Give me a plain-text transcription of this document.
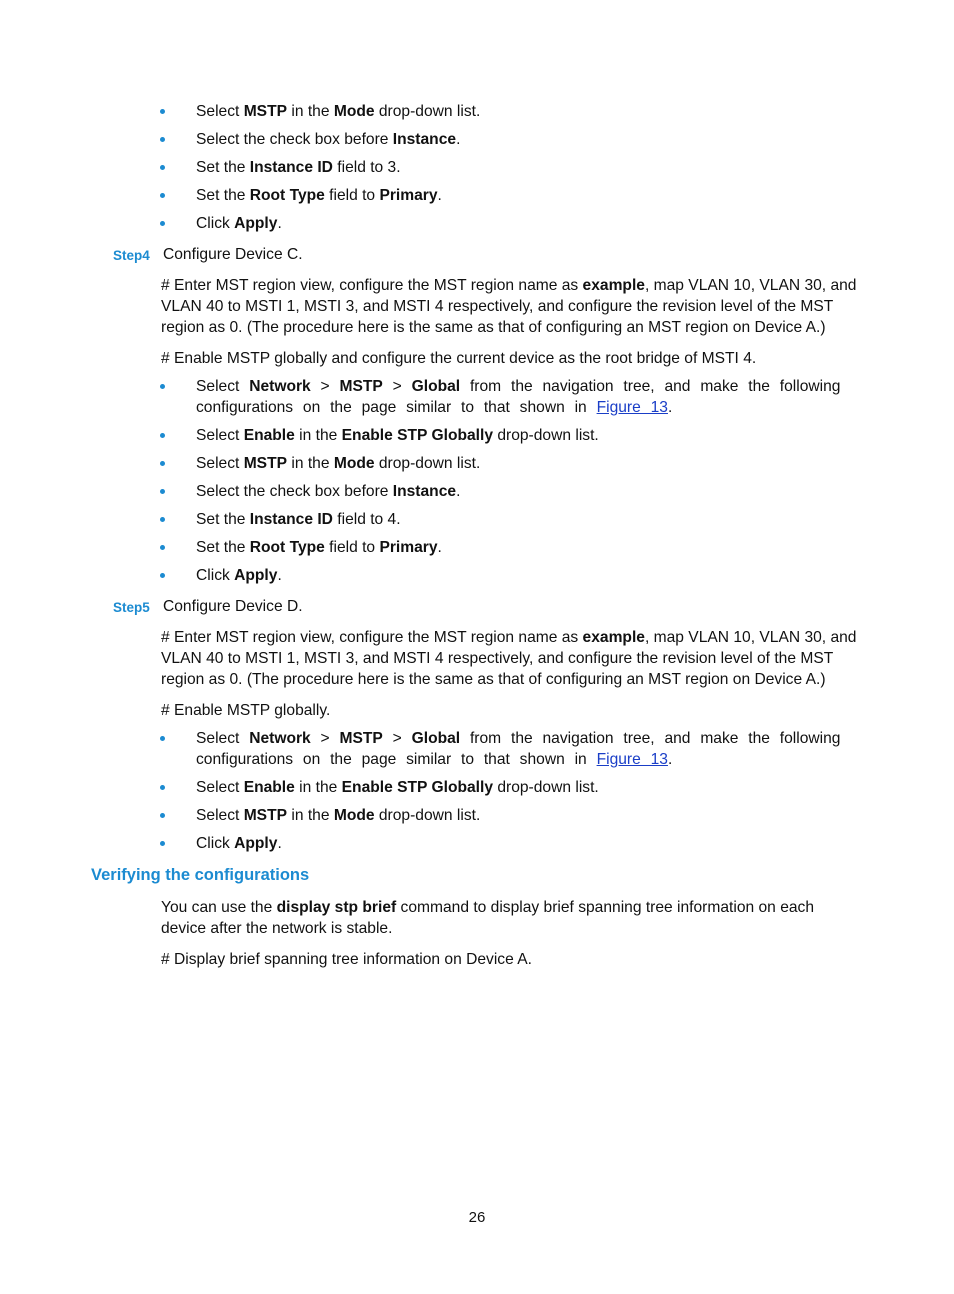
Select MSTP in the Mode drop-down list.
Select the check box before Instance.
Set the Instance ID field to 3.
Set the Root Type field to Primary.
Click Apply.
Step4 Configure Device C.
# Enter MST region view, configure the MST region name as example, map VLAN 10, VLAN 30, and VLAN 40 to MSTI 1, MSTI 3, and MSTI 4 respectively, and configure the revision level of the MST region as 0. (The procedure here is the same as that of configuring an MST region on Device A.)
# Enable MSTP globally and configure the current device as the root bridge of MSTI 4.
Select Network > MSTP > Global from the navigation tree, and make the following configurations on the page similar to that shown in Figure 13.
Select Enable in the Enable STP Globally drop-down list.
Select MSTP in the Mode drop-down list.
Select the check box before Instance.
Set the Instance ID field to 4.
Set the Root Type field to Primary.
Click Apply.
Step5 Configure Device D.
# Enter MST region view, configure the MST region name as example, map VLAN 10, VLAN 30, and VLAN 40 to MSTI 1, MSTI 3, and MSTI 4 respectively, and configure the revision level of the MST region as 0. (The procedure here is the same as that of configuring an MST region on Device A.)
# Enable MSTP globally.
Select Network > MSTP > Global from the navigation tree, and make the following configurations on the page similar to that shown in Figure 13.
Select Enable in the Enable STP Globally drop-down list.
Select MSTP in the Mode drop-down list.
Click Apply.
Verifying the configurations
You can use the display stp brief command to display brief spanning tree information on each device after the network is stable.
# Display brief spanning tree information on Device A.
26
